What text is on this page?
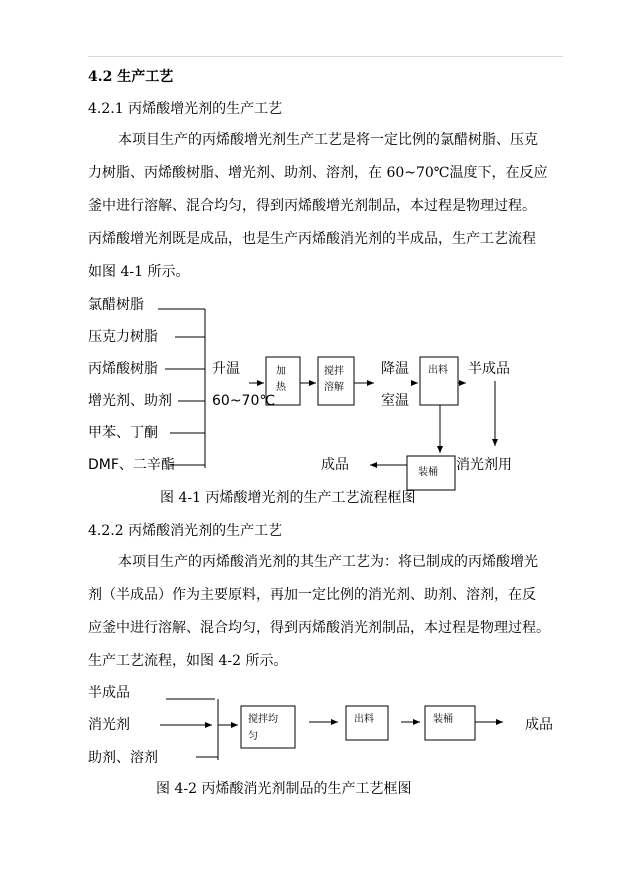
4.2 生产工艺
4.2.1 丙烯酸增光剂的生产工艺
本项目生产的丙烯酸增光剂生产工艺是将一定比例的氯醋树脂、压克
力树脂、丙烯酸树脂、增光剂、助剂、溶剂，在 60~70℃温度下，在反应
釜中进行溶解、混合均匀，得到丙烯酸增光剂制品，本过程是物理过程。
丙烯酸增光剂既是成品，也是生产丙烯酸消光剂的半成品，生产工艺流程
如图 4-1 所示。
氯醋树脂
压克力树脂
丙烯酸树脂
增光剂、助剂
甲苯、丁酮
DMF、二辛酯
升温
60~70℃
降温
室温
半成品
成品	消光剂用
加
热
搅拌
溶解
出料
装桶
图 4-1 丙烯酸增光剂的生产工艺流程框图
4.2.2 丙烯酸消光剂的生产工艺
本项目生产的丙烯酸消光剂的其生产工艺为：将已制成的丙烯酸增光
剂（半成品）作为主要原料，再加一定比例的消光剂、助剂、溶剂，在反
应釜中进行溶解、混合均匀，得到丙烯酸消光剂制品，本过程是物理过程。
生产工艺流程，如图 4-2 所示。
半成品
消光剂
助剂、溶剂
成品
搅拌均
匀
出料	装桶
图 4-2 丙烯酸消光剂制品的生产工艺框图
